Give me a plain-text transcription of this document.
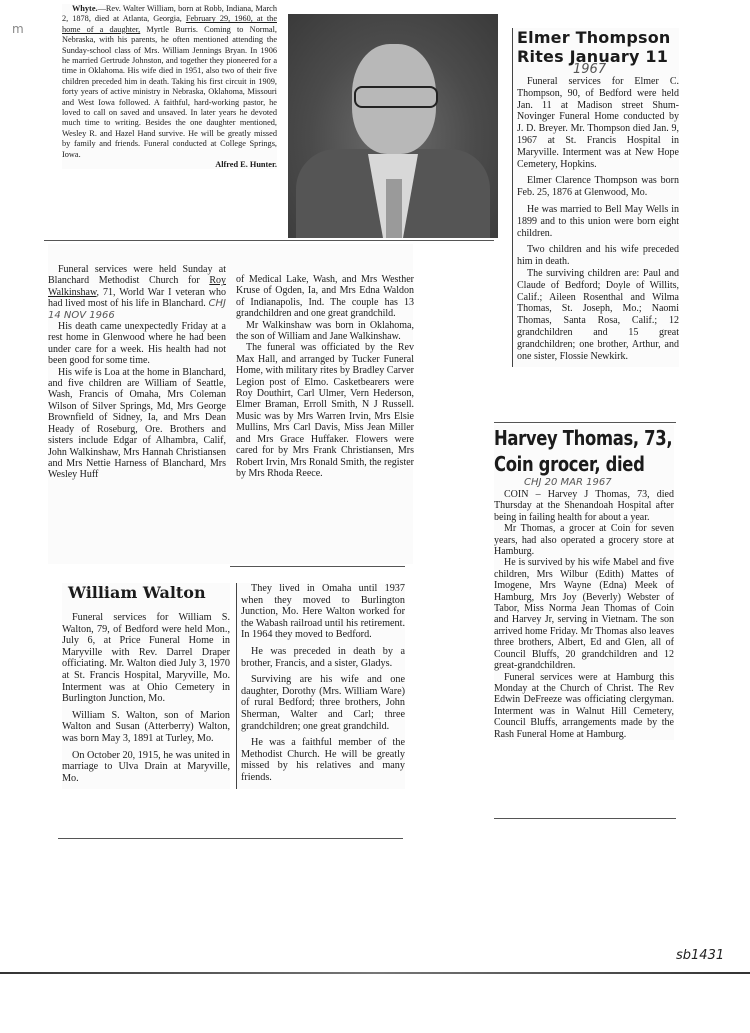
m
Whyte.—Rev. Walter William, born at Robb, Indiana, March 2, 1878, died at Atlanta, Georgia, February 29, 1960, at the home of a daughter, Myrtle Burris. Coming to Normal, Nebraska, with his parents, he often mentioned attending the Sunday-school class of Mrs. William Jennings Bryan. In 1906 he married Gertrude Johnston, and together they pioneered for a time in Oklahoma. His wife died in 1951, also two of their five children preceded him in death. Taking his first circuit in 1909, forty years of active ministry in Nebraska, Oklahoma, Missouri and West Iowa followed. A faithful, hard-working pastor, he loved to call on saved and unsaved. In later years he devoted much time to writing. Besides the one daughter mentioned, Wesley R. and Hazel Hand survive. He will be greatly missed by family and friends. Funeral conducted at College Springs, Iowa.
Alfred E. Hunter.
Elmer Thompson
Rites January 11
1967

Funeral services for Elmer C. Thompson, 90, of Bedford were held Jan. 11 at Madison street Shum-Novinger Funeral Home conducted by J. D. Breyer. Mr. Thompson died Jan. 9, 1967 at St. Francis Hospital in Maryville. Interment was at New Hope Cemetery, Hopkins.

Elmer Clarence Thompson was born Feb. 25, 1876 at Glenwood, Mo.

He was married to Bell May Wells in 1899 and to this union were born eight children.

Two children and his wife preceded him in death.

The surviving children are: Paul and Claude of Bedford; Doyle of Willits, Calif.; Aileen Rosenthal and Wilma Thomas, St. Joseph, Mo.; Naomi Thomas, Santa Rosa, Calif.; 12 grandchildren and 15 great grandchildren; one brother, Arthur, and one sister, Flossie Newkirk.

Funeral services were held Sunday at Blanchard Methodist Church for Roy Walkinshaw, 71, World War I veteran who had lived most of his life in Blanchard. CHJ 14 NOV 1966

His death came unexpectedly Friday at a rest home in Glenwood where he had been under care for a week. His health had not been good for some time.

His wife is Loa at the home in Blanchard, and five children are William of Seattle, Wash, Francis of Omaha, Mrs Coleman Wilson of Silver Springs, Md, Mrs George Brownfield of Sidney, Ia, and Mrs Dean Heady of Roseburg, Ore. Brothers and sisters include Edgar of Alhambra, Calif, John Walkinshaw, Mrs Hannah Christiansen and Mrs Nettie Harness of Blanchard, Mrs Wesley Huff

of Medical Lake, Wash, and Mrs Westher Kruse of Ogden, Ia, and Mrs Edna Waldon of Indianapolis, Ind. The couple has 13 grandchildren and one great grandchild.

Mr Walkinshaw was born in Oklahoma, the son of William and Jane Walkinshaw.

The funeral was officiated by the Rev Max Hall, and arranged by Tucker Funeral Home, with military rites by Bradley Carver Legion post of Elmo. Casketbearers were Roy Douthirt, Carl Ulmer, Vern Hederson, Elmer Braman, Erroll Smith, N J Russell. Music was by Mrs Warren Irvin, Mrs Elsie Mullins, Mrs Carl Davis, Miss Jean Miller and Mrs Grace Huffaker. Flowers were cared for by Mrs Frank Christiansen, Mrs Robert Irvin, Mrs Ronald Smith, the register by Mrs Rhoda Reece.

Harvey Thomas, 73,
Coin grocer, died
CHJ 20 MAR 1967

COIN – Harvey J Thomas, 73, died Thursday at the Shenandoah Hospital after being in failing health for about a year.

Mr Thomas, a grocer at Coin for seven years, had also operated a grocery store at Hamburg.

He is survived by his wife Mabel and five children, Mrs Wilbur (Edith) Mattes of Imogene, Mrs Wayne (Edna) Meek of Hamburg, Mrs Joy (Beverly) Webster of Tabor, Miss Norma Jean Thomas of Coin and Harvey Jr, serving in Vietnam. The son arrived home Friday. Mr Thomas also leaves three brothers, Albert, Ed and Glen, all of Council Bluffs, 20 grandchildren and 12 great-grandchildren.

Funeral services were at Hamburg this Monday at the Church of Christ. The Rev Edwin DeFreeze was officiating clergyman. Interment was in Walnut Hill Cemetery, Council Bluffs, arrangements made by the Rash Funeral Home at Hamburg.

William Walton

Funeral services for William S. Walton, 79, of Bedford were held Mon., July 6, at Price Funeral Home in Maryville with Rev. Darrel Draper officiating. Mr. Walton died July 3, 1970 at St. Francis Hospital, Maryville, Mo. Interment was at Ohio Cemetery in Burlington Junction, Mo.

William S. Walton, son of Marion Walton and Susan (Atterberry) Walton, was born May 3, 1891 at Turley, Mo.

On October 20, 1915, he was united in marriage to Ulva Drain at Maryville, Mo.

They lived in Omaha until 1937 when they moved to Burlington Junction, Mo. Here Walton worked for the Wabash railroad until his retirement. In 1964 they moved to Bedford.

He was preceded in death by a brother, Francis, and a sister, Gladys.

Surviving are his wife and one daughter, Dorothy (Mrs. William Ware) of rural Bedford; three brothers, John Sherman, Walter and Carl; three grandchildren; one great grandchild.

He was a faithful member of the Methodist Church. He will be greatly missed by his relatives and many friends.

sb1431
